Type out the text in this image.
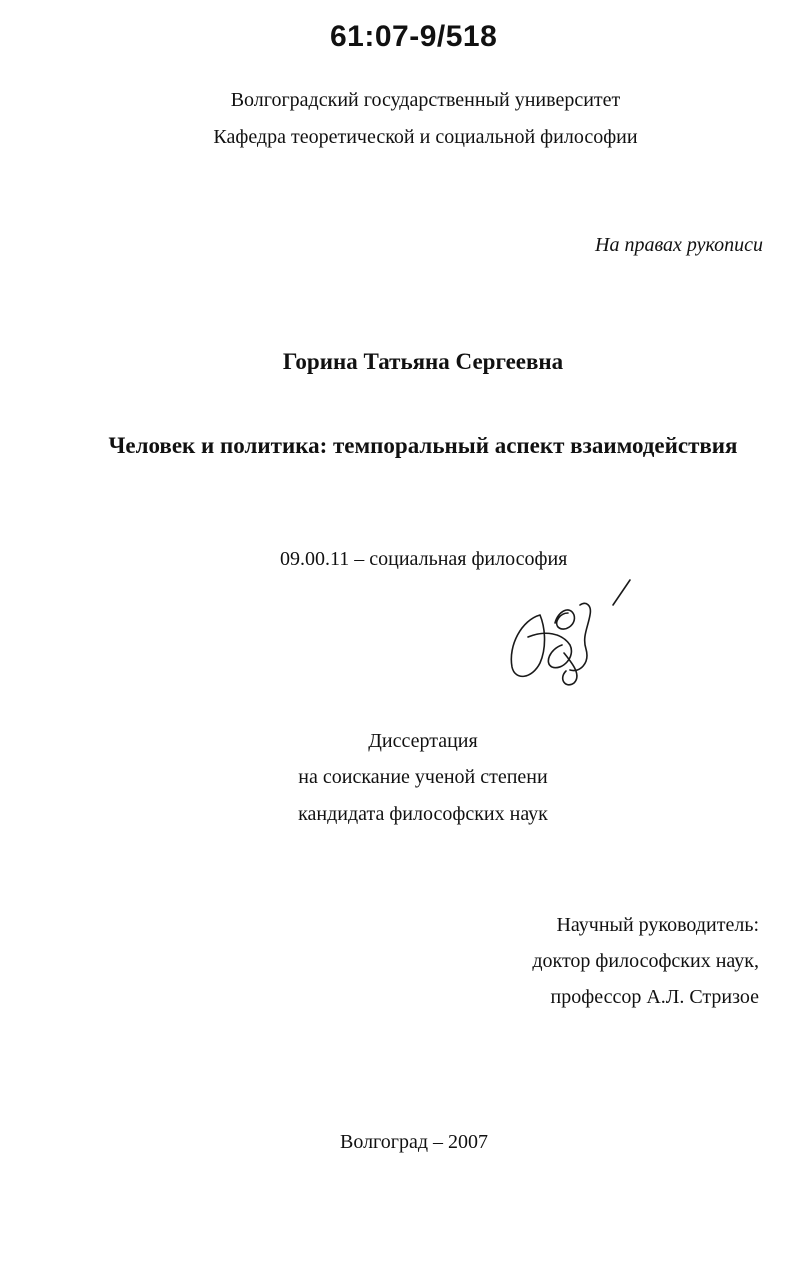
61:07-9/518
Волгоградский государственный университет
Кафедра теоретической и социальной философии
На правах рукописи
Горина Татьяна Сергеевна
Человек и политика: темпоральный аспект взаимодействия
09.00.11 – социальная философия
Диссертация
на соискание ученой степени
кандидата философских наук
Научный руководитель:
доктор философских наук,
профессор А.Л. Стризое
Волгоград – 2007
